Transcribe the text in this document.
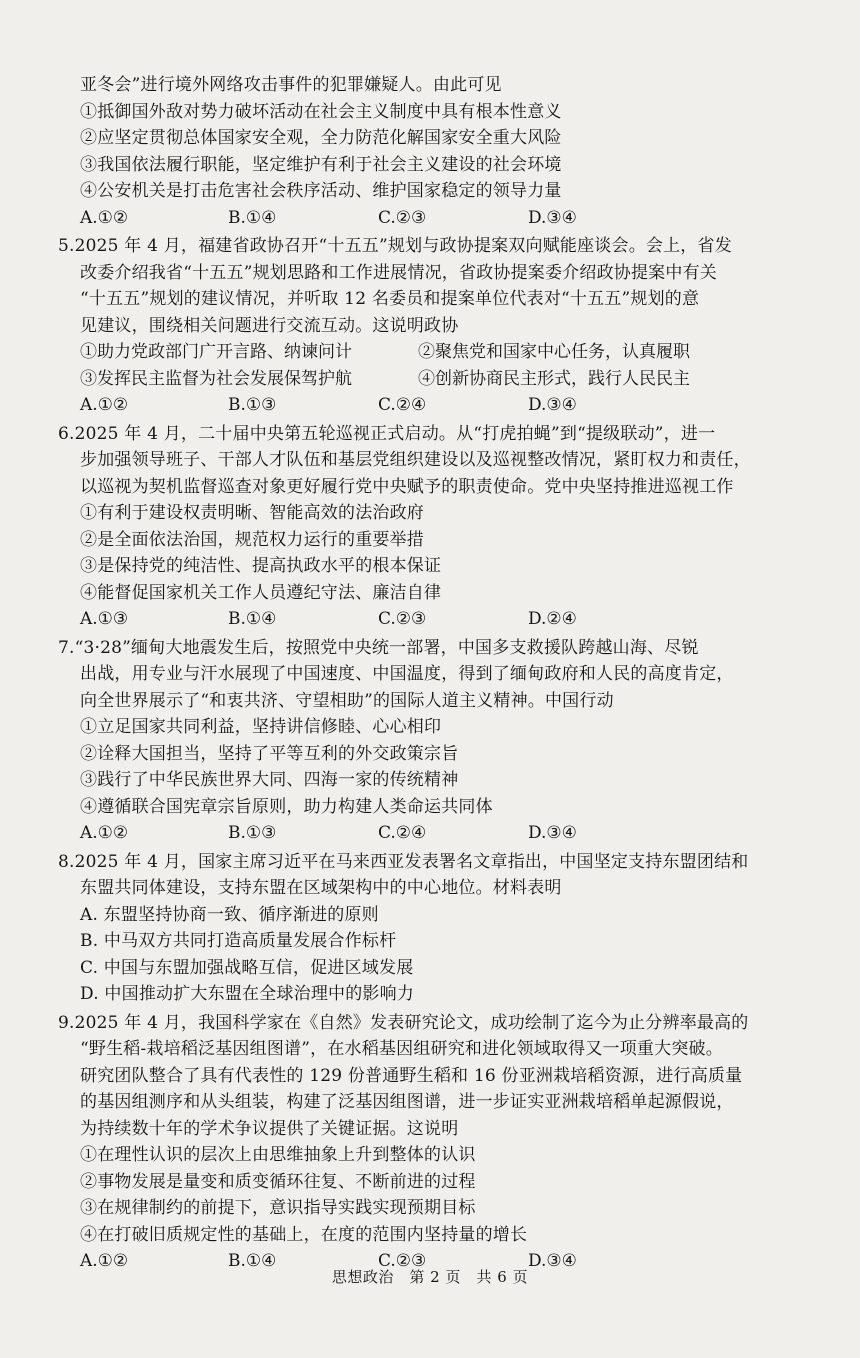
亚冬会”进行境外网络攻击事件的犯罪嫌疑人。由此可见
①抵御国外敌对势力破坏活动在社会主义制度中具有根本性意义
②应坚定贯彻总体国家安全观，全力防范化解国家安全重大风险
③我国依法履行职能，坚定维护有利于社会主义建设的社会环境
④公安机关是打击危害社会秩序活动、维护国家稳定的领导力量
A.①②	B.①④	C.②③	D.③④
5.2025 年 4 月，福建省政协召开“十五五”规划与政协提案双向赋能座谈会。会上，省发
改委介绍我省“十五五”规划思路和工作进展情况，省政协提案委介绍政协提案中有关
“十五五”规划的建议情况，并听取 12 名委员和提案单位代表对“十五五”规划的意
见建议，围绕相关问题进行交流互动。这说明政协
①助力党政部门广开言路、纳谏问计	②聚焦党和国家中心任务，认真履职
③发挥民主监督为社会发展保驾护航	④创新协商民主形式，践行人民民主
A.①②	B.①③	C.②④	D.③④
6.2025 年 4 月，二十届中央第五轮巡视正式启动。从“打虎拍蝇”到“提级联动”，进一
步加强领导班子、干部人才队伍和基层党组织建设以及巡视整改情况，紧盯权力和责任，
以巡视为契机监督巡查对象更好履行党中央赋予的职责使命。党中央坚持推进巡视工作
①有利于建设权责明晰、智能高效的法治政府
②是全面依法治国，规范权力运行的重要举措
③是保持党的纯洁性、提高执政水平的根本保证
④能督促国家机关工作人员遵纪守法、廉洁自律
A.①③	B.①④	C.②③	D.②④
7.“3·28”缅甸大地震发生后，按照党中央统一部署，中国多支救援队跨越山海、尽锐
出战，用专业与汗水展现了中国速度、中国温度，得到了缅甸政府和人民的高度肯定，
向全世界展示了“和衷共济、守望相助”的国际人道主义精神。中国行动
①立足国家共同利益，坚持讲信修睦、心心相印
②诠释大国担当，坚持了平等互利的外交政策宗旨
③践行了中华民族世界大同、四海一家的传统精神
④遵循联合国宪章宗旨原则，助力构建人类命运共同体
A.①②	B.①③	C.②④	D.③④
8.2025 年 4 月，国家主席习近平在马来西亚发表署名文章指出，中国坚定支持东盟团结和
东盟共同体建设，支持东盟在区域架构中的中心地位。材料表明
A. 东盟坚持协商一致、循序渐进的原则
B. 中马双方共同打造高质量发展合作标杆
C. 中国与东盟加强战略互信，促进区域发展
D. 中国推动扩大东盟在全球治理中的影响力
9.2025 年 4 月，我国科学家在《自然》发表研究论文，成功绘制了迄今为止分辨率最高的
“野生稻-栽培稻泛基因组图谱”，在水稻基因组研究和进化领域取得又一项重大突破。
研究团队整合了具有代表性的 129 份普通野生稻和 16 份亚洲栽培稻资源，进行高质量
的基因组测序和从头组装，构建了泛基因组图谱，进一步证实亚洲栽培稻单起源假说，
为持续数十年的学术争议提供了关键证据。这说明
①在理性认识的层次上由思维抽象上升到整体的认识
②事物发展是量变和质变循环往复、不断前进的过程
③在规律制约的前提下，意识指导实践实现预期目标
④在打破旧质规定性的基础上，在度的范围内坚持量的增长
A.①②	B.①④	C.②③	D.③④
思想政治　第 2 页　共 6 页
